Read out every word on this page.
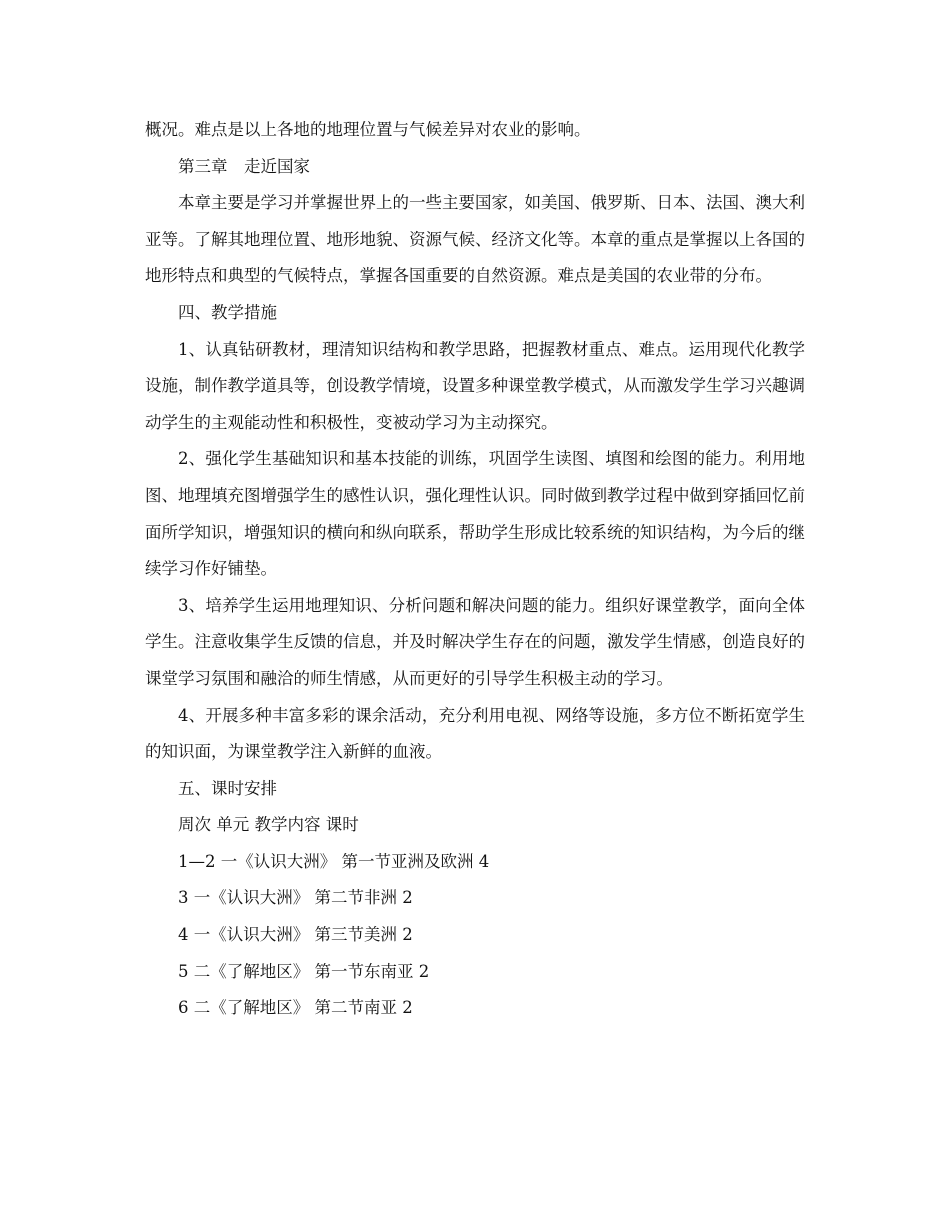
概况。难点是以上各地的地理位置与气候差异对农业的影响。

第三章　走近国家

本章主要是学习并掌握世界上的一些主要国家，如美国、俄罗斯、日本、法国、澳大利亚等。了解其地理位置、地形地貌、资源气候、经济文化等。本章的重点是掌握以上各国的地形特点和典型的气候特点，掌握各国重要的自然资源。难点是美国的农业带的分布。

四、教学措施

1、认真钻研教材，理清知识结构和教学思路，把握教材重点、难点。运用现代化教学设施，制作教学道具等，创设教学情境，设置多种课堂教学模式，从而激发学生学习兴趣调动学生的主观能动性和积极性，变被动学习为主动探究。

2、强化学生基础知识和基本技能的训练，巩固学生读图、填图和绘图的能力。利用地图、地理填充图增强学生的感性认识，强化理性认识。同时做到教学过程中做到穿插回忆前面所学知识，增强知识的横向和纵向联系，帮助学生形成比较系统的知识结构，为今后的继续学习作好铺垫。

3、培养学生运用地理知识、分析问题和解决问题的能力。组织好课堂教学，面向全体学生。注意收集学生反馈的信息，并及时解决学生存在的问题，激发学生情感，创造良好的课堂学习氛围和融洽的师生情感，从而更好的引导学生积极主动的学习。

4、开展多种丰富多彩的课余活动，充分利用电视、网络等设施，多方位不断拓宽学生的知识面，为课堂教学注入新鲜的血液。

五、课时安排

周次 单元 教学内容 课时

1—2 一《认识大洲》 第一节亚洲及欧洲 4

3 一《认识大洲》 第二节非洲 2

4 一《认识大洲》 第三节美洲 2

5 二《了解地区》 第一节东南亚 2

6 二《了解地区》 第二节南亚 2
